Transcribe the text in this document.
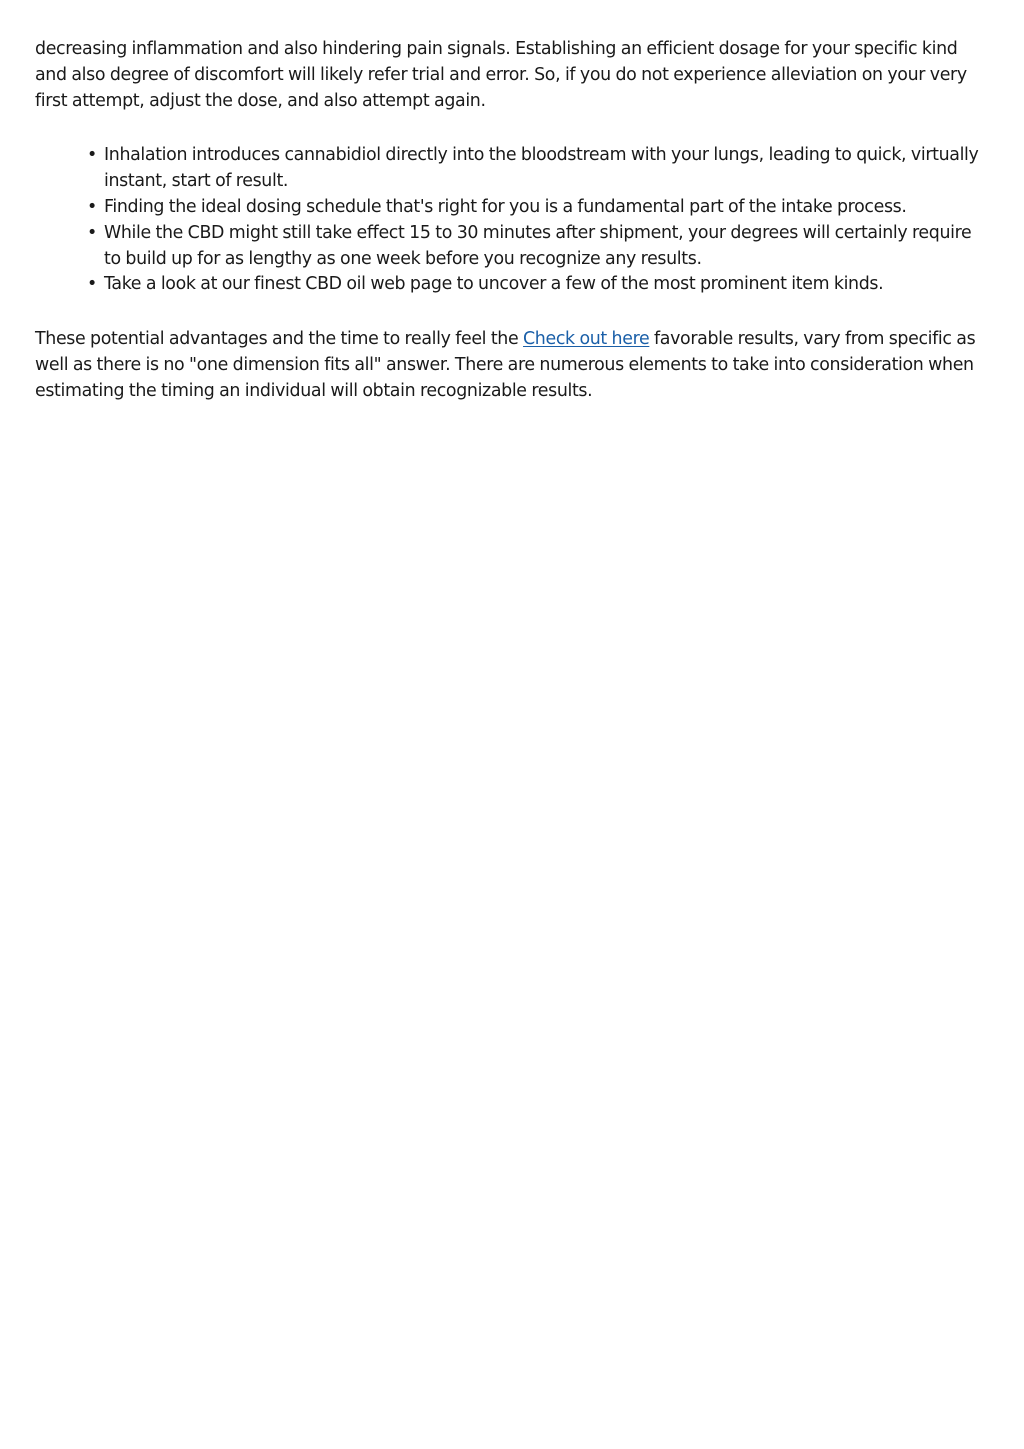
decreasing inflammation and also hindering pain signals. Establishing an efficient dosage for your specific kind and also degree of discomfort will likely refer trial and error. So, if you do not experience alleviation on your very first attempt, adjust the dose, and also attempt again.

• Inhalation introduces cannabidiol directly into the bloodstream with your lungs, leading to quick, virtually instant, start of result.
• Finding the ideal dosing schedule that's right for you is a fundamental part of the intake process.
• While the CBD might still take effect 15 to 30 minutes after shipment, your degrees will certainly require to build up for as lengthy as one week before you recognize any results.
• Take a look at our finest CBD oil web page to uncover a few of the most prominent item kinds.

These potential advantages and the time to really feel the Check out here favorable results, vary from specific as well as there is no "one dimension fits all" answer. There are numerous elements to take into consideration when estimating the timing an individual will obtain recognizable results.
